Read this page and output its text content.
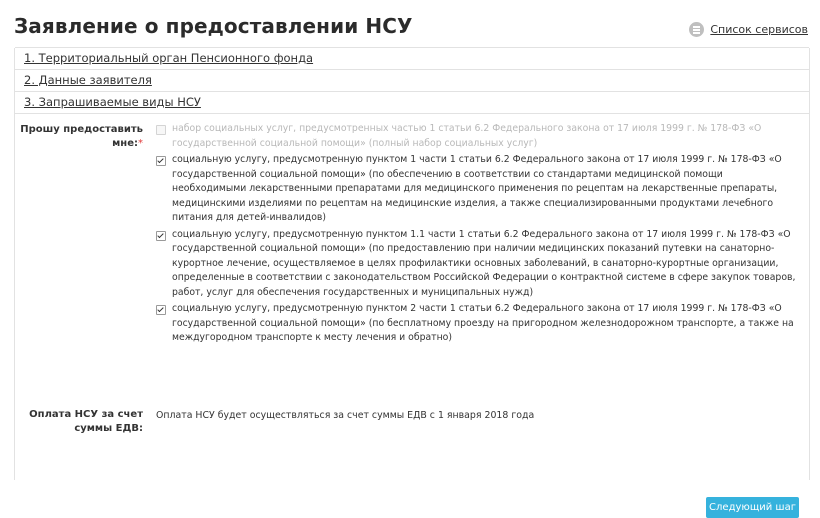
Заявление о предоставлении НСУ	Список сервисов
1. Территориальный орган Пенсионного фонда
2. Данные заявителя
3. Запрашиваемые виды НСУ
Прошу предоставить мне:*
набор социальных услуг, предусмотренных частью 1 статьи 6.2 Федерального закона от 17 июля 1999 г. № 178-ФЗ «О государственной социальной помощи» (полный набор социальных услуг)
социальную услугу, предусмотренную пунктом 1 части 1 статьи 6.2 Федерального закона от 17 июля 1999 г. № 178-ФЗ «О государственной социальной помощи» (по обеспечению в соответствии со стандартами медицинской помощи необходимыми лекарственными препаратами для медицинского применения по рецептам на лекарственные препараты, медицинскими изделиями по рецептам на медицинские изделия, а также специализированными продуктами лечебного питания для детей-инвалидов)
социальную услугу, предусмотренную пунктом 1.1 части 1 статьи 6.2 Федерального закона от 17 июля 1999 г. № 178-ФЗ «О государственной социальной помощи» (по предоставлению при наличии медицинских показаний путевки на санаторно-курортное лечение, осуществляемое в целях профилактики основных заболеваний, в санаторно-курортные организации, определенные в соответствии с законодательством Российской Федерации о контрактной системе в сфере закупок товаров, работ, услуг для обеспечения государственных и муниципальных нужд)
социальную услугу, предусмотренную пунктом 2 части 1 статьи 6.2 Федерального закона от 17 июля 1999 г. № 178-ФЗ «О государственной социальной помощи» (по бесплатному проезду на пригородном железнодорожном транспорте, а также на междугородном транспорте к месту лечения и обратно)
Оплата НСУ за счет суммы ЕДВ:
Оплата НСУ будет осуществляться за счет суммы ЕДВ с 1 января 2018 года
Следующий шаг
